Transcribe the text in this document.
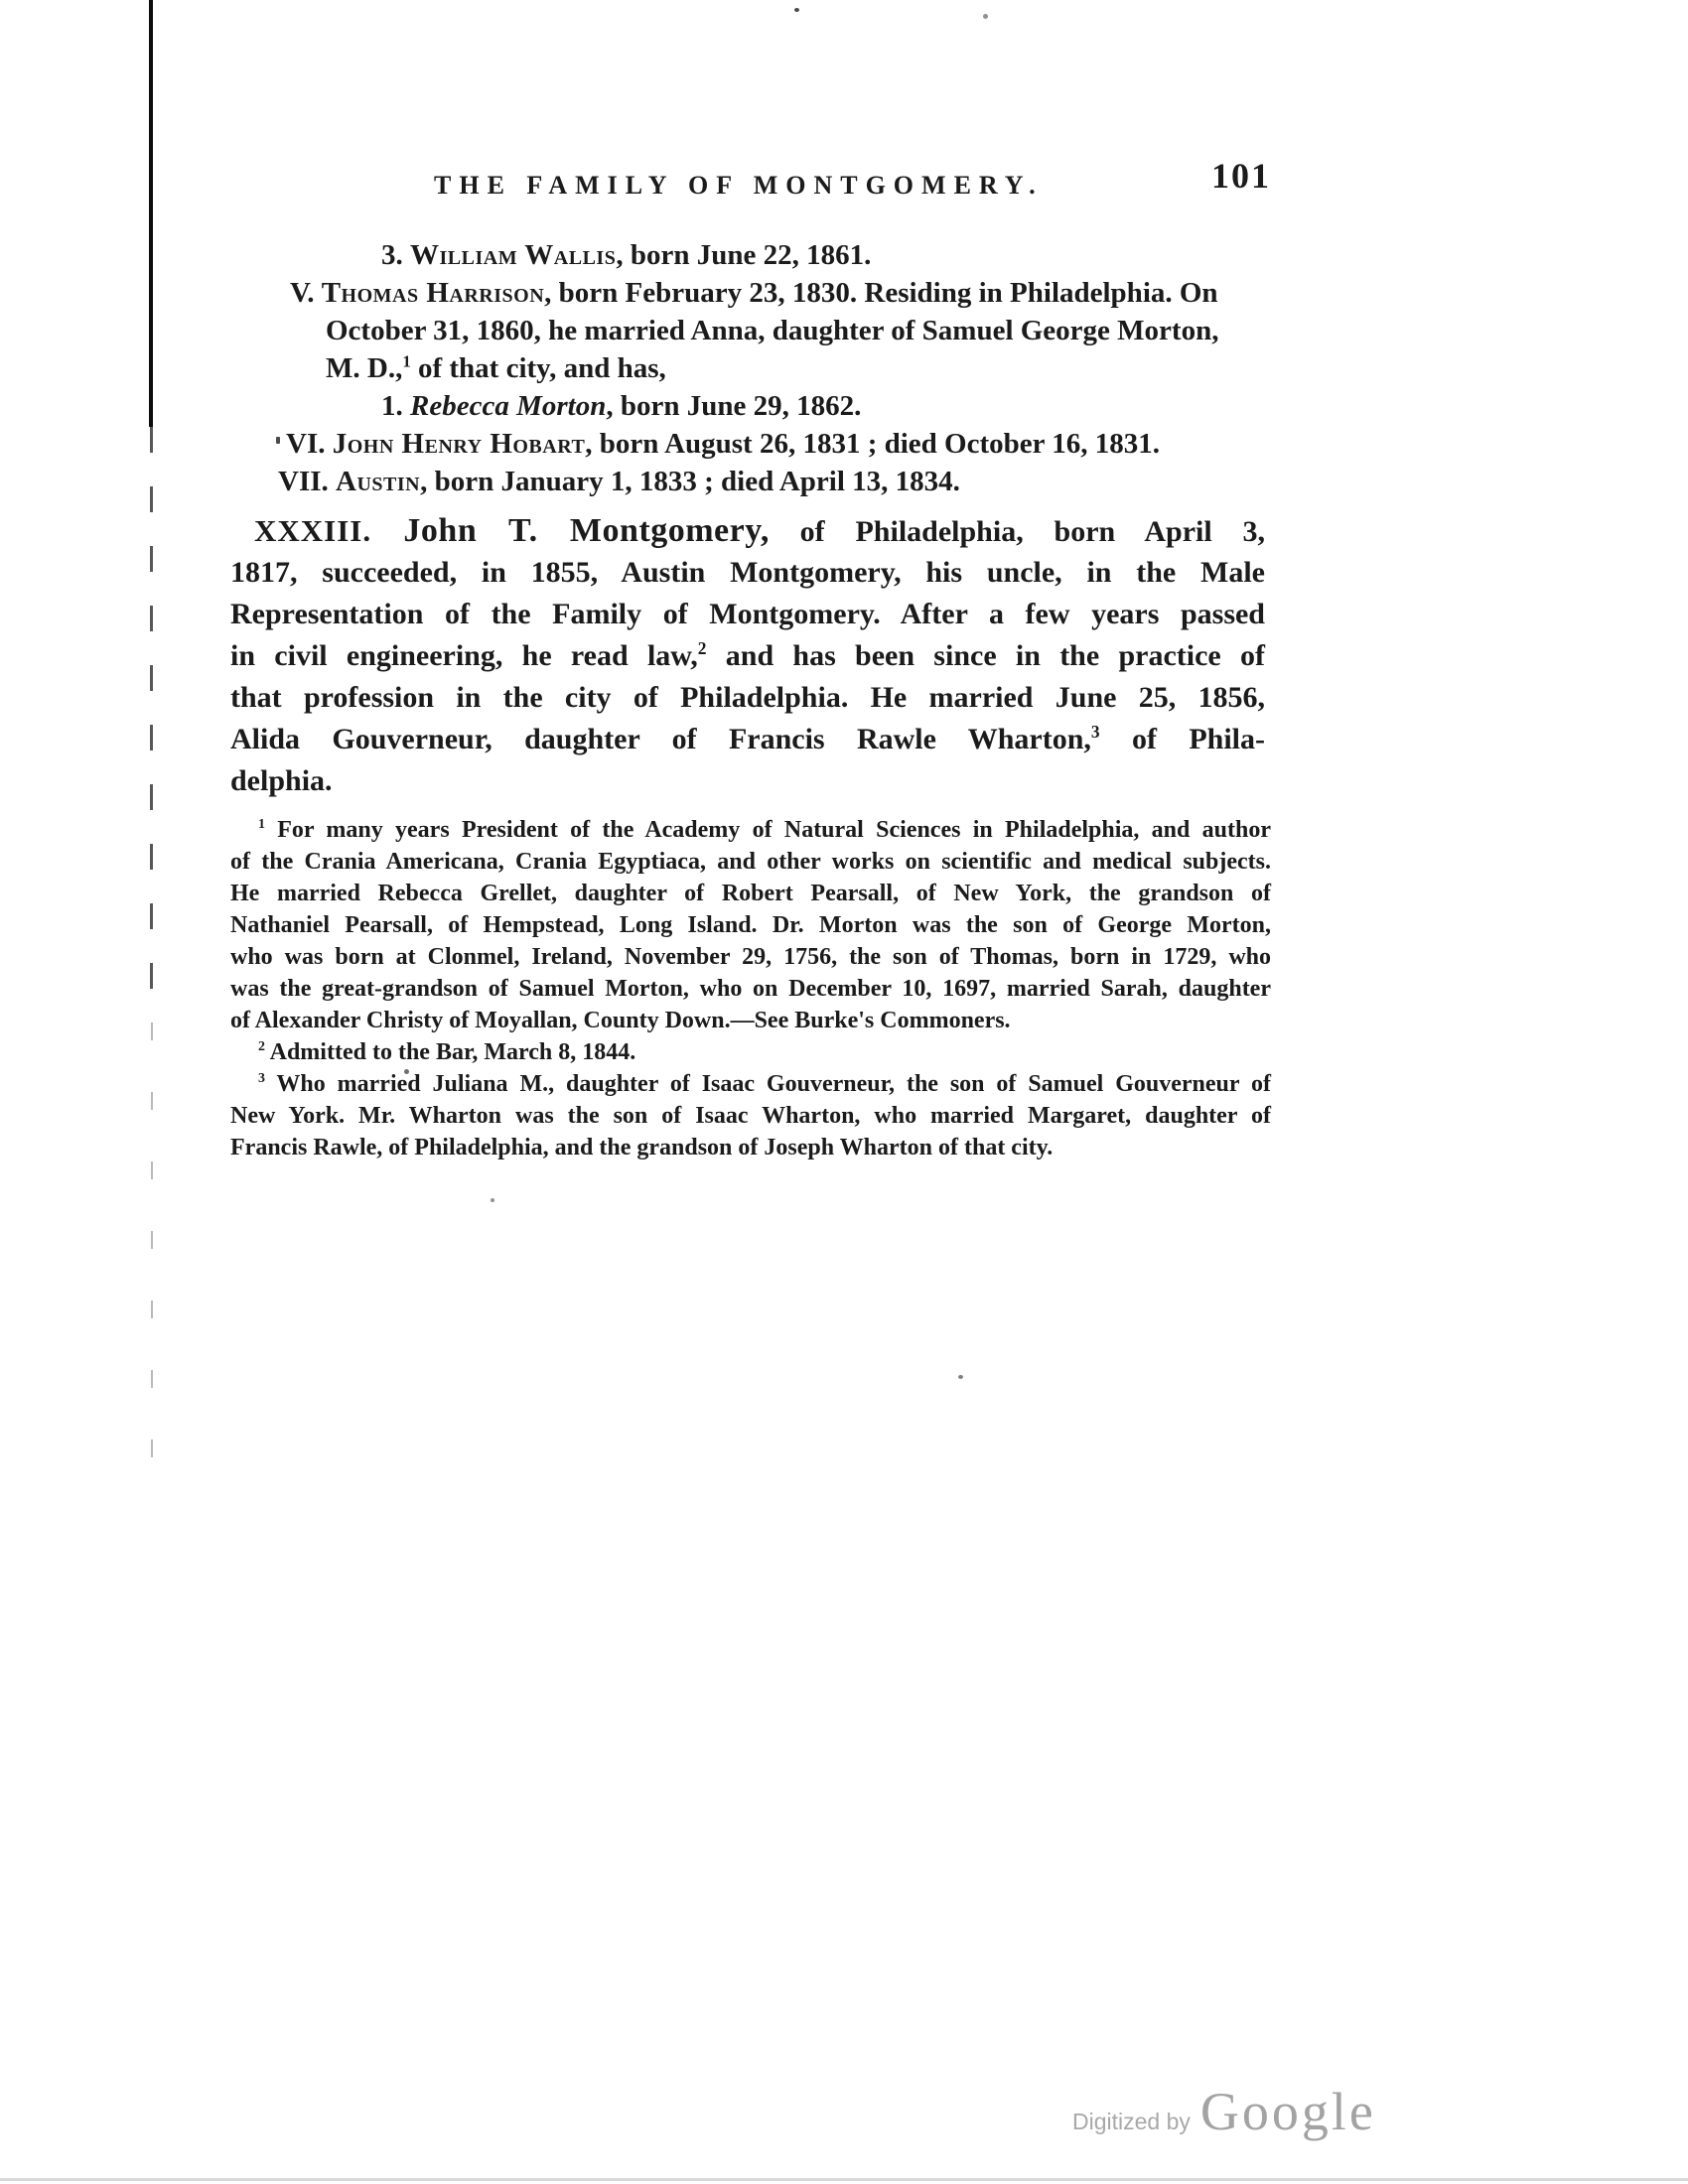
THE FAMILY OF MONTGOMERY.	101
3. William Wallis, born June 22, 1861.
V. Thomas Harrison, born February 23, 1830. Residing in Philadelphia. On
October 31, 1860, he married Anna, daughter of Samuel George Morton,
M. D.,$^1$ of that city, and has,
1. Rebecca Morton, born June 29, 1862.
VI. John Henry Hobart, born August 26, 1831 ; died October 16, 1831.
VII. Austin, born January 1, 1833 ; died April 13, 1834.
XXXIII. John T. Montgomery, of Philadelphia, born April 3,
1817, succeeded, in 1855, Austin Montgomery, his uncle, in the Male
Representation of the Family of Montgomery. After a few years passed
in civil engineering, he read law,$^2$ and has been since in the practice of
that profession in the city of Philadelphia. He married June 25, 1856,
Alida Gouverneur, daughter of Francis Rawle Wharton,$^3$ of Phila-
delphia.
$^1$ For many years President of the Academy of Natural Sciences in Philadelphia, and author
of the Crania Americana, Crania Egyptiaca, and other works on scientific and medical subjects.
He married Rebecca Grellet, daughter of Robert Pearsall, of New York, the grandson of
Nathaniel Pearsall, of Hempstead, Long Island. Dr. Morton was the son of George Morton,
who was born at Clonmel, Ireland, November 29, 1756, the son of Thomas, born in 1729, who
was the great-grandson of Samuel Morton, who on December 10, 1697, married Sarah, daughter
of Alexander Christy of Moyallan, County Down.—See Burke's Commoners.
$^2$ Admitted to the Bar, March 8, 1844.
$^3$ Who married Juliana M., daughter of Isaac Gouverneur, the son of Samuel Gouverneur of
New York. Mr. Wharton was the son of Isaac Wharton, who married Margaret, daughter of
Francis Rawle, of Philadelphia, and the grandson of Joseph Wharton of that city.
Digitized by Google
